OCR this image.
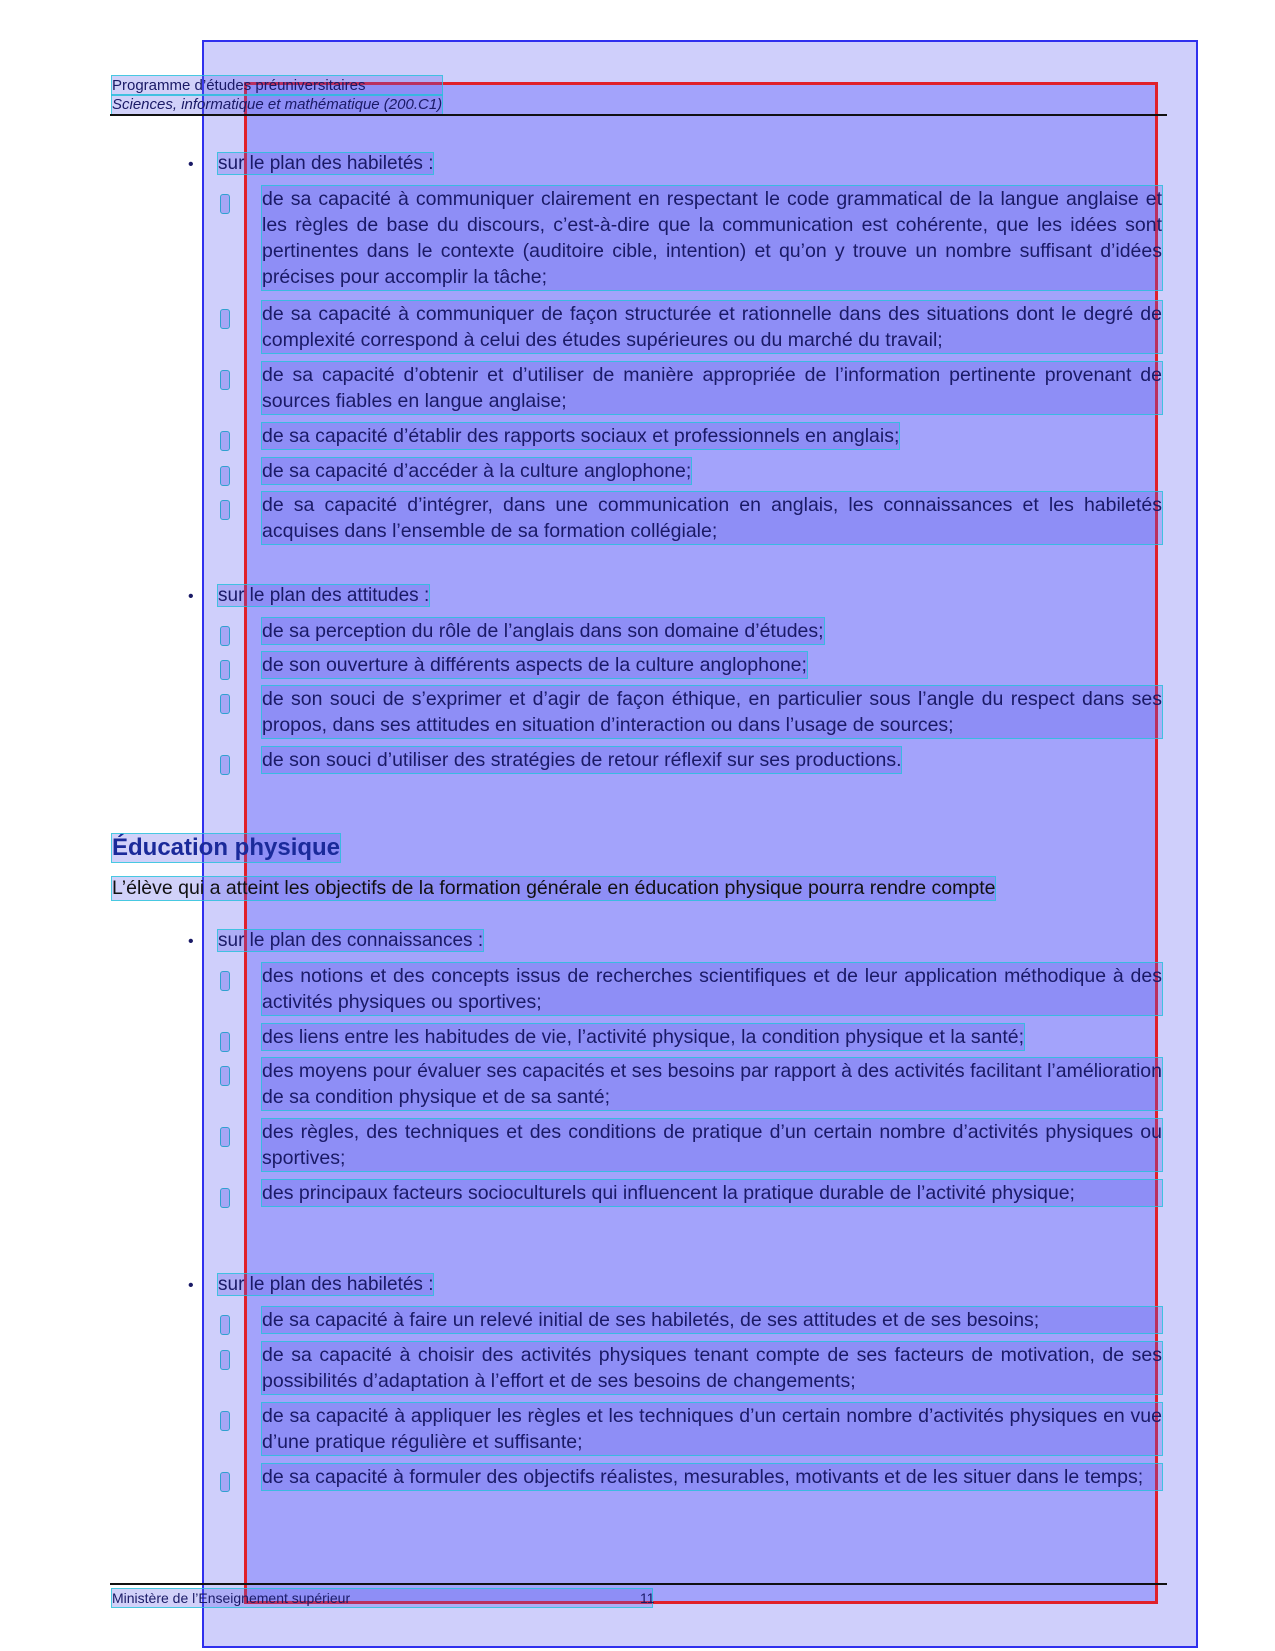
Programme d’études préuniversitaires
Sciences, informatique et mathématique (200.C1)
• sur le plan des habiletés :
de sa capacité à communiquer clairement en respectant le code grammatical de la langue anglaise et les règles de base du discours, c’est-à-dire que la communication est cohérente, que les idées sont pertinentes dans le contexte (auditoire cible, intention) et qu’on y trouve un nombre suffisant d’idées précises pour accomplir la tâche;
de sa capacité à communiquer de façon structurée et rationnelle dans des situations dont le degré de complexité correspond à celui des études supérieures ou du marché du travail;
de sa capacité d’obtenir et d’utiliser de manière appropriée de l’information pertinente provenant de sources fiables en langue anglaise;
de sa capacité d’établir des rapports sociaux et professionnels en anglais;
de sa capacité d’accéder à la culture anglophone;
de sa capacité d’intégrer, dans une communication en anglais, les connaissances et les habiletés acquises dans l’ensemble de sa formation collégiale;
• sur le plan des attitudes :
de sa perception du rôle de l’anglais dans son domaine d’études;
de son ouverture à différents aspects de la culture anglophone;
de son souci de s’exprimer et d’agir de façon éthique, en particulier sous l’angle du respect dans ses propos, dans ses attitudes en situation d’interaction ou dans l’usage de sources;
de son souci d’utiliser des stratégies de retour réflexif sur ses productions.
Éducation physique
L’élève qui a atteint les objectifs de la formation générale en éducation physique pourra rendre compte
• sur le plan des connaissances :
des notions et des concepts issus de recherches scientifiques et de leur application méthodique à des activités physiques ou sportives;
des liens entre les habitudes de vie, l’activité physique, la condition physique et la santé;
des moyens pour évaluer ses capacités et ses besoins par rapport à des activités facilitant l’amélioration de sa condition physique et de sa santé;
des règles, des techniques et des conditions de pratique d’un certain nombre d’activités physiques ou sportives;
des principaux facteurs socioculturels qui influencent la pratique durable de l’activité physique;
• sur le plan des habiletés :
de sa capacité à faire un relevé initial de ses habiletés, de ses attitudes et de ses besoins;
de sa capacité à choisir des activités physiques tenant compte de ses facteurs de motivation, de ses possibilités d’adaptation à l’effort et de ses besoins de changements;
de sa capacité à appliquer les règles et les techniques d’un certain nombre d’activités physiques en vue d’une pratique régulière et suffisante;
de sa capacité à formuler des objectifs réalistes, mesurables, motivants et de les situer dans le temps;
Ministère de l’Enseignement supérieur	11
